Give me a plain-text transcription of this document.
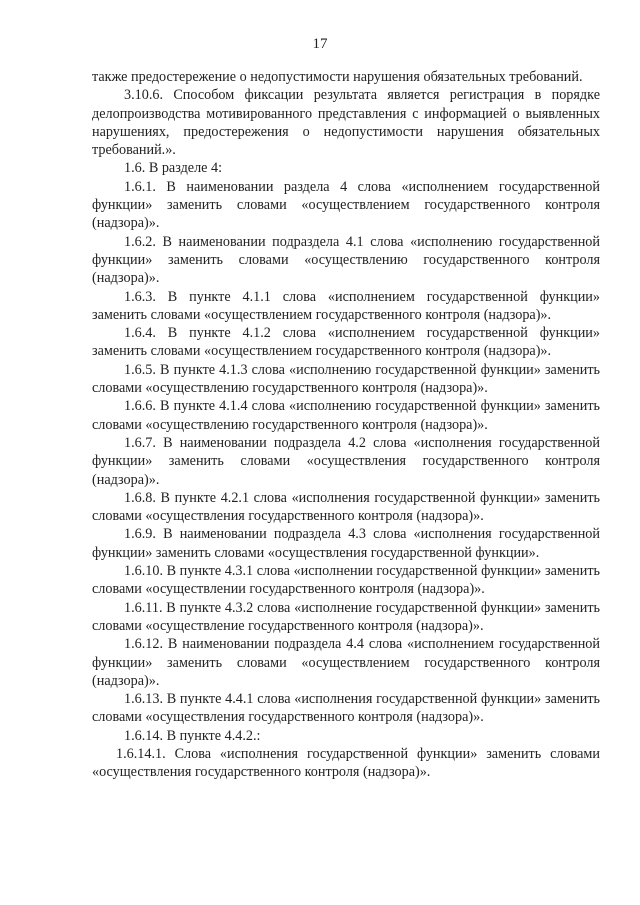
17

также предостережение о недопустимости нарушения обязательных требований.

3.10.6. Способом фиксации результата является регистрация в порядке делопроизводства мотивированного представления с информацией о выявленных нарушениях, предостережения о недопустимости нарушения обязательных требований.».

1.6. В разделе 4:

1.6.1. В наименовании раздела 4 слова «исполнением государственной функции» заменить словами «осуществлением государственного контроля (надзора)».

1.6.2. В наименовании подраздела 4.1 слова «исполнению государственной функции» заменить словами «осуществлению государственного контроля (надзора)».

1.6.3. В пункте 4.1.1 слова «исполнением государственной функции» заменить словами «осуществлением государственного контроля (надзора)».

1.6.4. В пункте 4.1.2 слова «исполнением государственной функции» заменить словами «осуществлением государственного контроля (надзора)».

1.6.5. В пункте 4.1.3 слова «исполнению государственной функции» заменить словами «осуществлению государственного контроля (надзора)».

1.6.6. В пункте 4.1.4 слова «исполнению государственной функции» заменить словами «осуществлению государственного контроля (надзора)».

1.6.7. В наименовании подраздела 4.2 слова «исполнения государственной функции» заменить словами «осуществления государственного контроля (надзора)».

1.6.8. В пункте 4.2.1 слова «исполнения государственной функции» заменить словами «осуществления государственного контроля (надзора)».

1.6.9. В наименовании подраздела 4.3 слова «исполнения государственной функции» заменить словами «осуществления государственной функции».

1.6.10. В пункте 4.3.1 слова «исполнении государственной функции» заменить словами «осуществлении государственного контроля (надзора)».

1.6.11. В пункте 4.3.2 слова «исполнение государственной функции» заменить словами «осуществление государственного контроля (надзора)».

1.6.12. В наименовании подраздела 4.4 слова «исполнением государственной функции» заменить словами «осуществлением государственного контроля (надзора)».

1.6.13. В пункте 4.4.1 слова «исполнения государственной функции» заменить словами «осуществления государственного контроля (надзора)».

1.6.14. В пункте 4.4.2.:

1.6.14.1. Слова «исполнения государственной функции» заменить словами «осуществления государственного контроля (надзора)».
